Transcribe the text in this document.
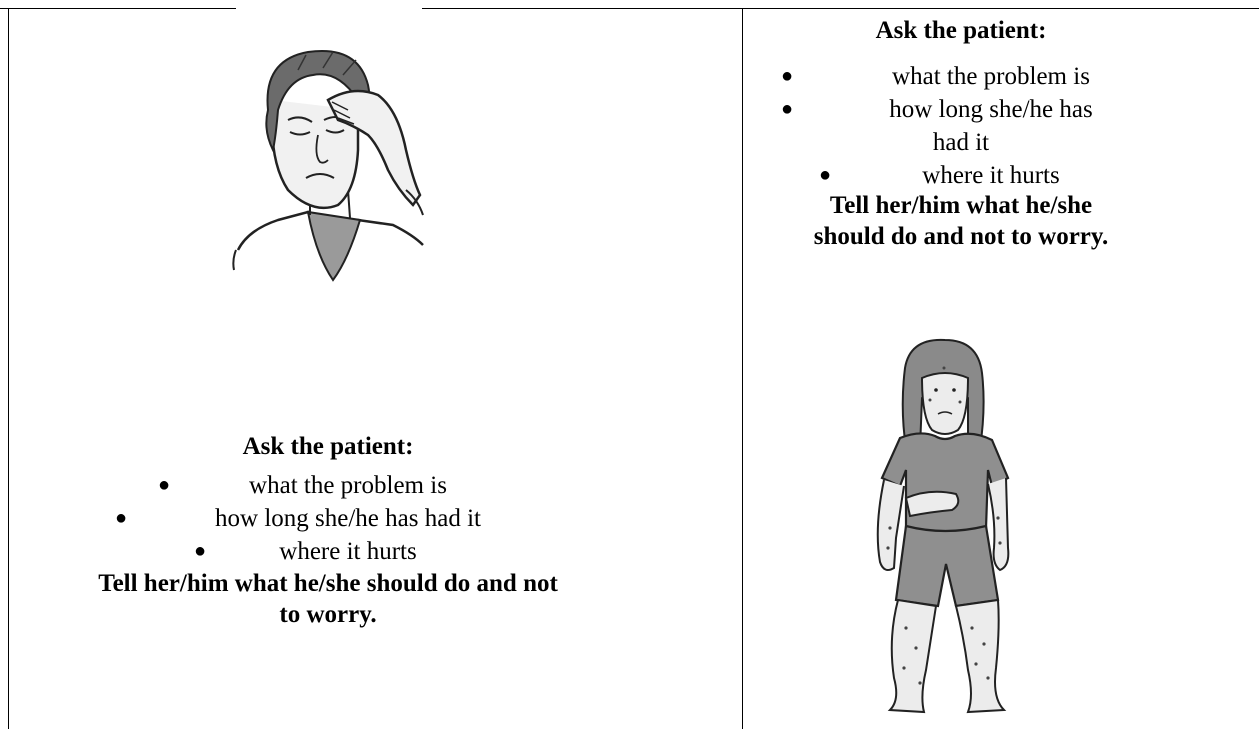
Ask the patient:
●	what the problem is
●	how long she/he has had it
●	where it hurts
Tell her/him what he/she should do and not
to worry.
Ask the patient:
●	what the problem is
●	how long she/he has
had it
●	where it hurts
Tell her/him what he/she
should do and not to worry.
